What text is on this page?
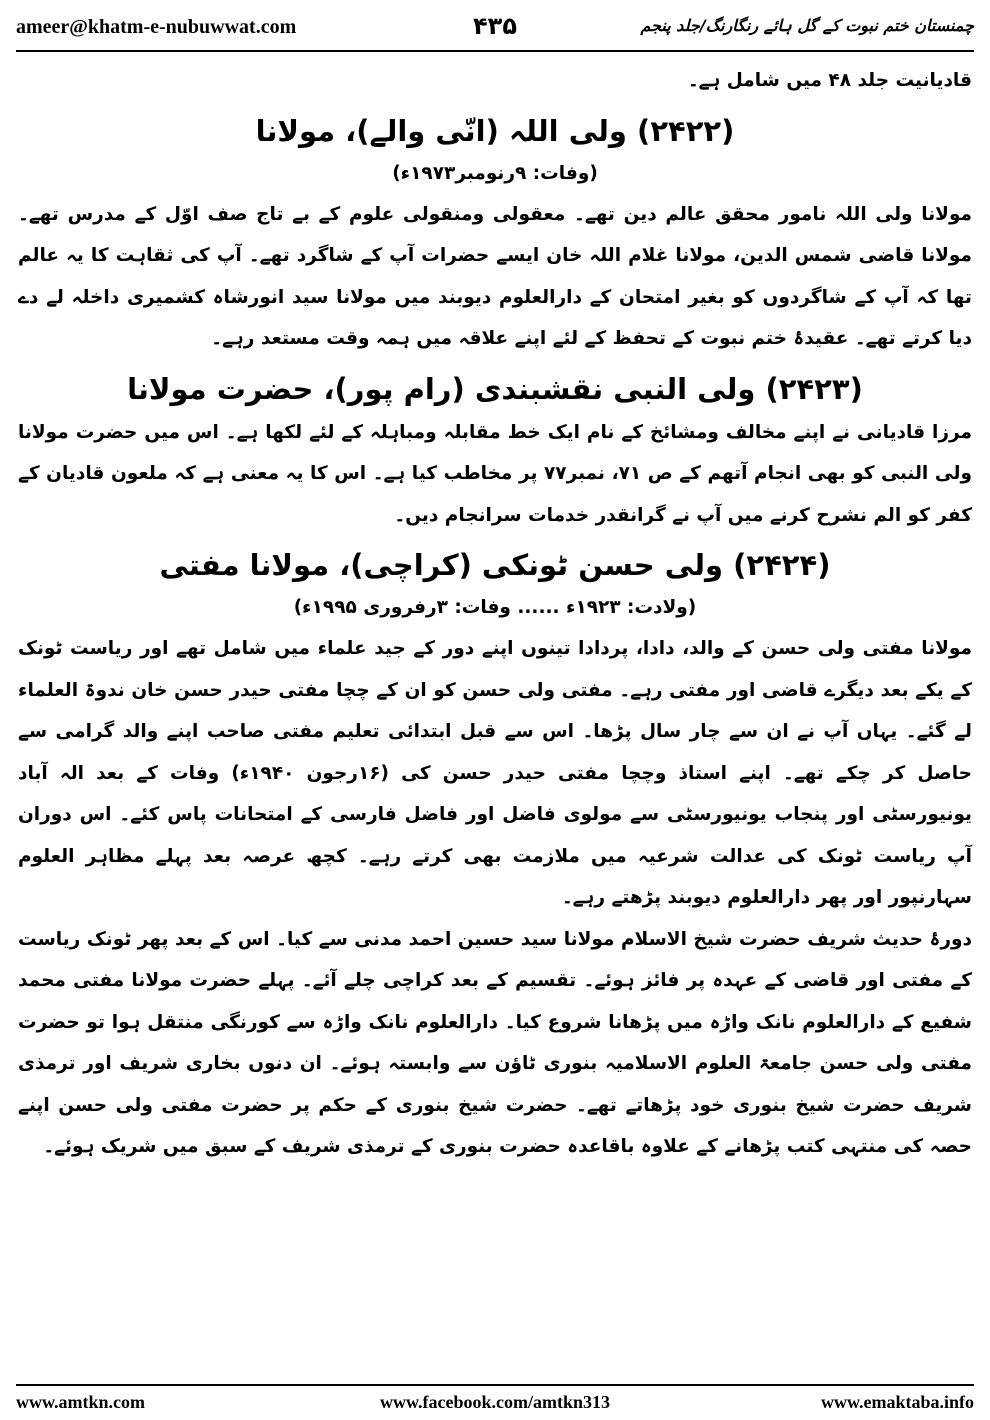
ameer@khatm-e-nubuwwat.com	۴۳۵	چمنستان ختم نبوت کے گل ہائے رنگارنگ/جلد پنجم

قادیانیت جلد ۴۸ میں شامل ہے۔

(۲۴۲۲) ولی اللہ (انّی والے)، مولانا
(وفات: ۹رنومبر۱۹۷۳ء)

مولانا ولی اللہ نامور محقق عالم دین تھے۔ معقولی ومنقولی علوم کے بے تاج صف اوّل کے مدرس تھے۔ مولانا قاضی شمس الدین، مولانا غلام اللہ خان ایسے حضرات آپ کے شاگرد تھے۔ آپ کی ثقاہت کا یہ عالم تھا کہ آپ کے شاگردوں کو بغیر امتحان کے دارالعلوم دیوبند میں مولانا سید انورشاہ کشمیری داخلہ لے دے دیا کرتے تھے۔ عقیدۂ ختم نبوت کے تحفظ کے لئے اپنے علاقہ میں ہمہ وقت مستعد رہے۔

(۲۴۲۳) ولی النبی نقشبندی (رام پور)، حضرت مولانا

مرزا قادیانی نے اپنے مخالف ومشائخ کے نام ایک خط مقابلہ ومباہلہ کے لئے لکھا ہے۔ اس میں حضرت مولانا ولی النبی کو بھی انجام آتھم کے ص ۷۱، نمبر۷۷ پر مخاطب کیا ہے۔ اس کا یہ معنی ہے کہ ملعون قادیان کے کفر کو الم نشرح کرنے میں آپ نے گرانقدر خدمات سرانجام دیں۔

(۲۴۲۴) ولی حسن ٹونکی (کراچی)، مولانا مفتی
(ولادت: ۱۹۲۳ء ...... وفات: ۳رفروری ۱۹۹۵ء)

مولانا مفتی ولی حسن کے والد، دادا، پردادا تینوں اپنے دور کے جید علماء میں شامل تھے اور ریاست ٹونک کے یکے بعد دیگرے قاضی اور مفتی رہے۔ مفتی ولی حسن کو ان کے چچا مفتی حیدر حسن خان ندوۃ العلماء لے گئے۔ یہاں آپ نے ان سے چار سال پڑھا۔ اس سے قبل ابتدائی تعلیم مفتی صاحب اپنے والد گرامی سے حاصل کر چکے تھے۔ اپنے استاذ وچچا مفتی حیدر حسن کی (۱۶رجون ۱۹۴۰ء) وفات کے بعد الہ آباد یونیورسٹی اور پنجاب یونیورسٹی سے مولوی فاضل اور فاضل فارسی کے امتحانات پاس کئے۔ اس دوران آپ ریاست ٹونک کی عدالت شرعیہ میں ملازمت بھی کرتے رہے۔ کچھ عرصہ بعد پہلے مظاہر العلوم سہارنپور اور پھر دارالعلوم دیوبند پڑھتے رہے۔

دورۂ حدیث شریف حضرت شیخ الاسلام مولانا سید حسین احمد مدنی سے کیا۔ اس کے بعد پھر ٹونک ریاست کے مفتی اور قاضی کے عہدہ پر فائز ہوئے۔ تقسیم کے بعد کراچی چلے آئے۔ پہلے حضرت مولانا مفتی محمد شفیع کے دارالعلوم نانک واڑہ میں پڑھانا شروع کیا۔ دارالعلوم نانک واڑہ سے کورنگی منتقل ہوا تو حضرت مفتی ولی حسن جامعۃ العلوم الاسلامیہ بنوری ٹاؤن سے وابستہ ہوئے۔ ان دنوں بخاری شریف اور ترمذی شریف حضرت شیخ بنوری خود پڑھاتے تھے۔ حضرت شیخ بنوری کے حکم پر حضرت مفتی ولی حسن اپنے حصہ کی منتہی کتب پڑھانے کے علاوہ باقاعدہ حضرت بنوری کے ترمذی شریف کے سبق میں شریک ہوئے۔

www.amtkn.com	www.facebook.com/amtkn313	www.emaktaba.info
